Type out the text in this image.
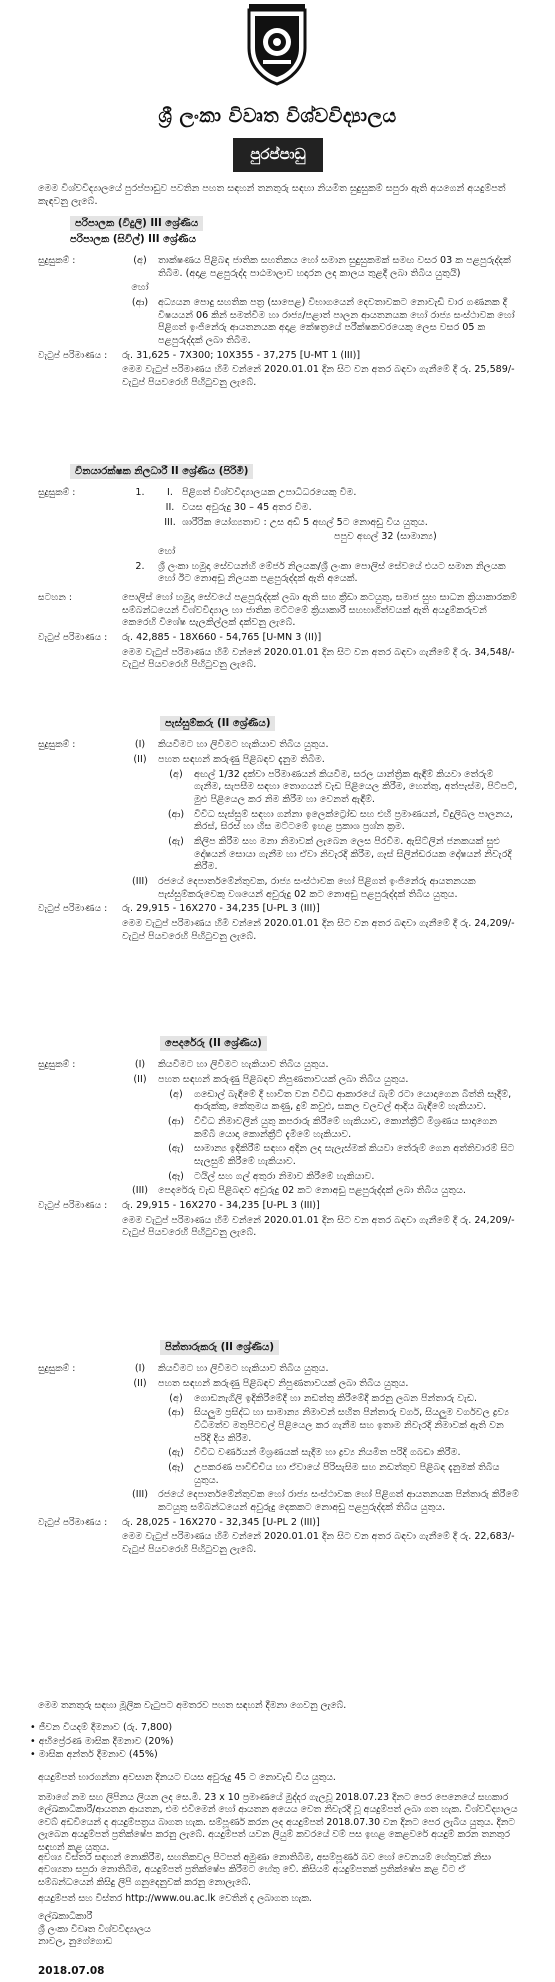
ශ්‍රී ලංකා විවෘත විශ්වවිද්‍යාලය
පුරප්පාඩු
මෙම විශ්වවිද්‍යාලයේ පුරප්පාඩුව පවතින පහත සඳහන් තනතුරු සඳහා නියමිත සුදුසුකම් සපුරා ඇති අයගෙන් අයදුම්පත් කැඳවනු ලැබේ.
පරිපාලක (විදුලි) III ශ්‍රේණිය
පරිපාලක (සිවිල්) III ශ්‍රේණිය
සුදුසුකම් :	(අ)	තාක්ෂණය පිළිබඳ ජාතික සහතිකය හෝ සමාන සුදුසුකමක් සමඟ වසර 03 ක පළපුරුද්දක් තිබීම. (අදාළ පළපුරුද්ද පාඨමාලාව හදාරන ලද කාලය තුළදී ලබා තිබිය යුතුයි)
හෝ
(ආ)	අධ්‍යයන පොදු සහතික පත්‍ර (සාපෙළ) විභාගයෙන් දෙවතාවකට නොවැඩි වාර ගණනක දී විෂයයන් 06 කින් සමත්වීම හා රාජ්‍ය/පළාත් පාලන ආයතනයක හෝ රාජ්‍ය සංස්ථාවක හෝ පිළිගත් ඉංජිනේරු ආයතනයක අදාළ කේෂත්‍රයේ පරීක්ෂකවරයෙකු ලෙස වසර 05 ක පළපුරුද්දක් ලබා තිබීම.
වැටුප් පරිමාණය :	රු. 31,625 - 7X300; 10X355 - 37,275 [U-MT 1 (III)]
මෙම වැටුප් පරිමාණය හිමි වන්නේ 2020.01.01 දින සිට වන අතර බඳවා ගැනීමේ දී රු. 25,589/- වැටුප් පියවරෙහි පිහිටුවනු ලැබේ.
විනයාරක්ෂක නිලධාරී II ශ්‍රේණිය (පිරිමි)
සුදුසුකම් :	1.	I. පිළිගත් විශ්වවිද්‍යාලයක උපාධිධරයෙකු වීම.
II. වයස අවුරුදු 30 – 45 අතර වීම.
III. ශාරීරික යෝග්‍යතාව : උස අඩි 5 අඟල් 5ට නොඅඩු විය යුතුය.
පපුව අඟල් 32 (සාමාන්‍ය)
හෝ
2.	ශ්‍රී ලංකා හමුදා සේවයන්හි මේජර් නිලයක/ශ්‍රී ලංකා පොලිස් සේවයේ එයට සමාන නිලයක හෝ ඊට නොඅඩු නිලයක පළපුරුද්දක් ඇති අයෙක්.
සටහන :	පොලිස් හෝ හමුදා සේවයේ පළපුරුද්දක් ලබා ඇති සහ ක්‍රීඩා කටයුතු, සමාජ සුභ සාධන ක්‍රියාකාරකම් සම්බන්ධයෙන් විශ්වවිද්‍යාල හා ජාතික මට්ටමේ ක්‍රියාකාරී සහභාගිත්වයක් ඇති අයදුම්කරුවන් කෙරෙහි විශේෂ සැලකිල්ලක් දක්වනු ලැබේ.
වැටුප් පරිමාණය :	රු. 42,885 - 18X660 - 54,765 [U-MN 3 (II)]
මෙම වැටුප් පරිමාණය හිමි වන්නේ 2020.01.01 දින සිට වන අතර බඳවා ගැනීමේ දී රු. 34,548/- වැටුප් පියවරෙහි පිහිටුවනු ලැබේ.
පැස්සුම්කරු (II ශ්‍රේණිය)
සුදුසුකම් :	(I)	කියවීමට හා ලිවීමට හැකියාව තිබිය යුතුය.
(II)	පහත සඳහන් කරුණු පිළිබඳව දැනුම තිබීම.
(අ)	අඟල් 1/32 දක්වා පරිමාණයන් කියවීම, සරල යාන්ත්‍රික ඇඳීම් කියවා තේරුම් ගැනීම, සැපසීම සඳහා තොගයන් වැඩ පිළියෙල කිරීම, හෙත්තු, අත්පැස්ම, පිට්පට්, මුළු පිළියෙල කර නිම කිරීම හා වෙනත් ඇඳීම්.
(ආ)	විවිධ සැස්සුම් සඳහා ගන්නා ඉලෙක්ට්‍රෝඩ සහ එහි ප්‍රමාණයන්, විදුලිබල පාලනය, කිරස්, සිරස් හා හිස මට්ටමේ ඉහළ ප්‍රකාශ ප්‍රශ්න ක්‍රම.
(ඇ)	කිලිප කිරීම සහ මනා නිමාවක් ලැබෙන ලෙස පිරවීම. ඇසිට්ලින් ජනකයක් සුළු දෝෂයන් සොයා ගැනීම හා ඒවා නිවැරදි කිරීම, ගෑස් සිලින්ඩරයක දෝෂයන් නිවැරදි කිරීම.
(III)	රජයේ දෙපාර්තමේන්තුවක, රාජ්‍ය සංස්ථාවක හෝ පිළිගත් ඉංජිනේරු ආයතනයක පැස්සුම්කරුවෙකු වශයෙන් අවුරුදු 02 කට නොඅඩු පළපුරුද්දක් තිබිය යුතුය.
වැටුප් පරිමාණය :	රු. 29,915 - 16X270 - 34,235 [U-PL 3 (III)]
මෙම වැටුප් පරිමාණය හිමි වන්නේ 2020.01.01 දින සිට වන අතර බඳවා ගැනීමේ දී රු. 24,209/- වැටුප් පියවරෙහි පිහිටුවනු ලැබේ.
පෙදරේරු (II ශ්‍රේණිය)
සුදුසුකම් :	(I)	කියවීමට හා ලිවීමට හැකියාව තිබිය යුතුය.
(II)	පහත සඳහන් කරුණු පිළිබඳව නිපුණතාවයක් ලබා තිබිය යුතුය.
(අ)	ගඩොල් බැඳීමේ දී භාවිත වන විවිධ ආකාරයේ බැම් රටා යොදාගෙන බිත්ති සෑදීම්, ආරුක්කු, කේතුමය කණු, දුම් කවුළු, සකල වලවල් ආදිය බැඳීමේ හැකියාව.
(ආ)	විවිධ නිමාවලින් යුතු කපරාරු කිරීමේ හැකියාව, කොන්ක්‍රීට් මිශ්‍රණය සාදාගෙන කම්බි යොදා කොන්ක්‍රීට් දැමීමේ හැකියාව.
(ඇ)	සාමාන්‍ය ඉදිකිරීම් සඳහා අදින ලද සැලැස්මක් කියවා තේරුම් ගෙන අත්තිවාරම් සිට සැලසුම් කිරීමේ හැකියාව.
(ඈ)	ටයිල් සහ ගල් අතුරා නිමාව කිරීමේ හැකියාව.
(III)	පෙදරේරු වැඩ පිළිබඳව අවුරුදු 02 කට නොඅඩු පළපුරුද්දක් ලබා තිබිය යුතුය.
වැටුප් පරිමාණය :	රු. 29,915 - 16X270 - 34,235 [U-PL 3 (III)]
මෙම වැටුප් පරිමාණය හිමි වන්නේ 2020.01.01 දින සිට වන අතර බඳවා ගැනීමේ දී රු. 24,209/- වැටුප් පියවරෙහි පිහිටුවනු ලැබේ.
පින්තාරුකරු (II ශ්‍රේණිය)
සුදුසුකම් :	(I)	කියවීමට හා ලිවීමට හැකියාව තිබිය යුතුය.
(II)	පහත සඳහන් කරුණු පිළිබඳව නිපුණතාවයක් ලබා තිබිය යුතුය.
(අ)	ගොඩනැගිලි ඉදිකිරීමේදී හා නඩත්තු කිරීමේදී කරනු ලබන පින්තාරු වැඩ.
(ආ)	සියලුම ප්‍රසිද්ධ හා සාමාන්‍ය නිමාවන් සහිත පින්තාරු වර්ග, සියලුම වර්ගවල ද්‍රව්‍ය විධිමත්ව මතුපිටවල් පිළියෙල කර ගැනීම සහ ඉතාම නිවැරදි නිමාවක් ඇති වන පරිදි දිය කිරීම.
(ඇ)	විවිධ වර්ණයන් මිශ්‍රණයක් සැදීම හා ද්‍රව්‍ය නියමිත පරිදි ගබඩා කිරීම.
(ඈ)	උපකරණ පාවිච්චිය හා ඒවායේ පිරිසැසිම සහ නඩත්තුව පිළිබඳ දැනුමක් තිබිය යුතුය.
(III)	රජයේ දෙපාර්තමේන්තුවක හෝ රාජ්‍ය සංස්ථාවක හෝ පිළිගත් ආයතනයක පින්තාරු කිරීමේ කටයුතු සම්බන්ධයෙන් අවුරුදු දෙකකට නොඅඩු පළපුරුද්දක් තිබිය යුතුය.
වැටුප් පරිමාණය :	රු. 28,025 - 16X270 - 32,345 [U-PL 2 (III)]
මෙම වැටුප් පරිමාණය හිමි වන්නේ 2020.01.01 දින සිට වන අතර බඳවා ගැනීමේ දී රු. 22,683/- වැටුප් පියවරෙහි පිහිටුවනු ලැබේ.
මෙම තනතුරු සඳහා මූලික වැටුපට අමතරව පහත සඳහන් දීමනා ගෙවනු ලැබේ.
• ජීවන වියදම් දීමනාව (රු. 7,800)
• අභිප්‍රේරණ මාසික දීමනාව (20%)
• මාසික අන්තර් දීමනාව (45%)
අයදුම්පත් භාරගන්නා අවසාන දිනයට වයස අවුරුදු 45 ට නොවැඩි විය යුතුය.
තමාගේ නම සහ ලිපිනය ලියන ලද සෙ.මී. 23 x 10 ප්‍රමාණයේ මුද්දර ගැලවූ 2018.07.23 දිනට පෙර පෙනෙයේ සහකාර ලේඛකාධිකාරී/ආයතන ආයතන, එම එවිමෙන් හෝ ආයතන අයෙය වෙත නිවැරදි වූ අයදුම්පත් ලබා ගත හැක. විශ්වවිද්‍යාලය වෙබ් අඩවියෙන් ද අයදුම්පත්‍රය බාගත හැක. සම්පූර්ණ කරන ලද අයදුම්පත් 2018.07.30 වන දිනට පෙර ලැබිය යුතුය. දිනට ලැබෙන අයදුම්පත් ප්‍රතික්ෂේප කරනු ලැබේ. අයදුම්පත් යවන ලියුම් කවරයේ වම් පස ඉහළ කෙළවරේ අයදුම් කරන තනතුර සඳහන් කළ යුතුය.
අවශ්‍ය විස්තර සඳහන් නොකිරීම, සහතිකවල පිටපත් අමුණා නොතිබීම, අසම්පූර්ණ බව හෝ වෙනයම් හේතුවක් නිසා අවශ්‍යතා සපුරා නොතිබීම, අයදුම්පත් ප්‍රතික්ෂේප කිරීමට හේතු වේ. කිසියම් අයදුම්පතක් ප්‍රතික්ෂේප කළ විට ඒ සම්බන්ධයෙන් කිසිදු ලිපි ගනුදෙනුවක් කරනු නොලැබේ.
අයදුම්පත් සහ විස්තර http://www.ou.ac.lk වෙතින් ද ලබාගත හැක.
ලේඛකාධිකාරී
ශ්‍රී ලංකා විවෘත විශ්වවිද්‍යාලය
නාවල, නුගේගොඩ
2018.07.08
